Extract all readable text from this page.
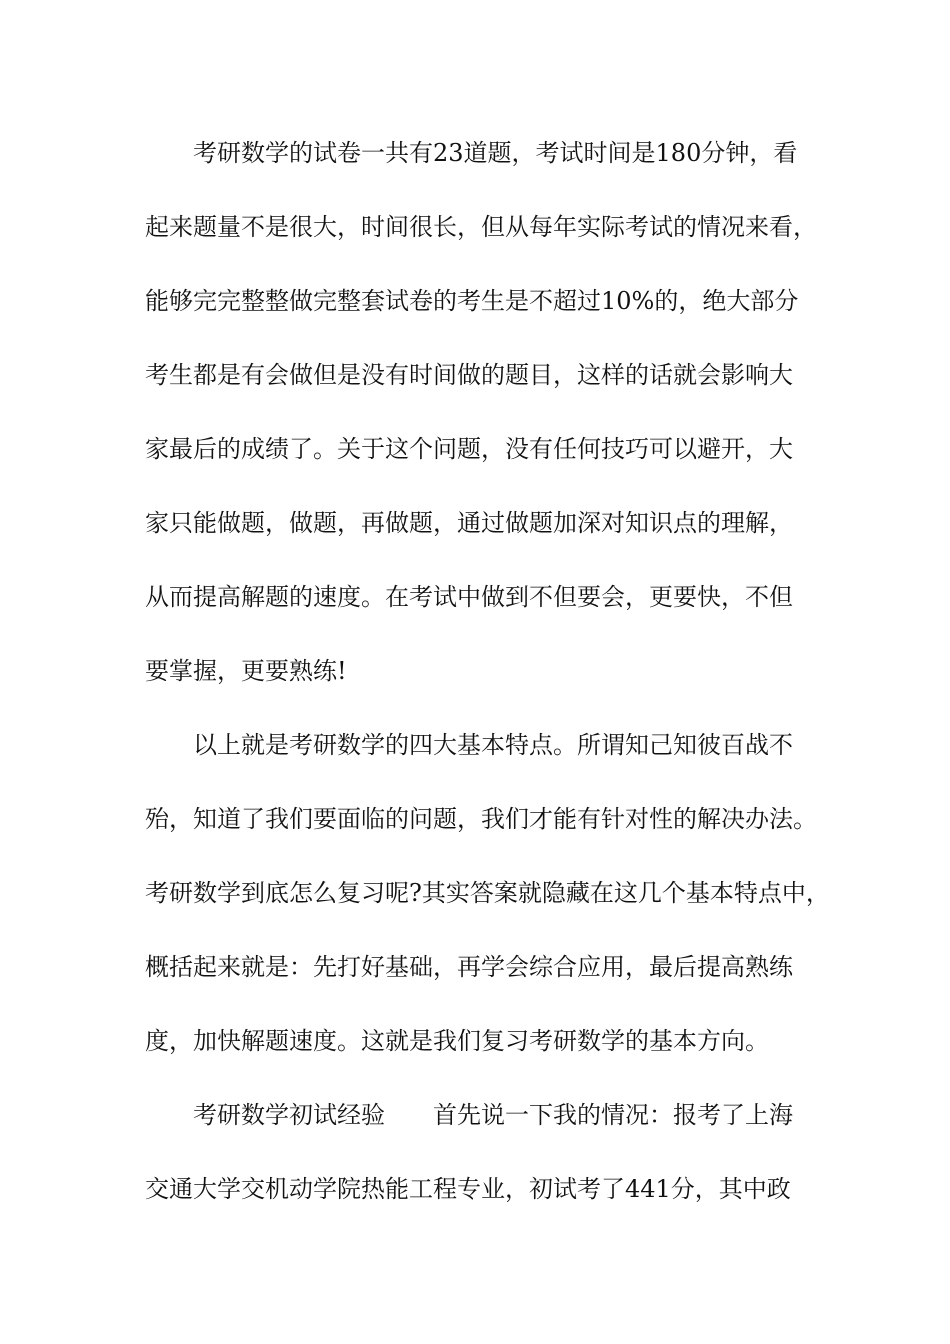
考研数学的试卷一共有23道题，考试时间是180分钟，看
起来题量不是很大，时间很长，但从每年实际考试的情况来看，
能够完完整整做完整套试卷的考生是不超过10%的，绝大部分
考生都是有会做但是没有时间做的题目，这样的话就会影响大
家最后的成绩了。关于这个问题，没有任何技巧可以避开，大
家只能做题，做题，再做题，通过做题加深对知识点的理解，
从而提高解题的速度。在考试中做到不但要会，更要快，不但
要掌握，更要熟练!
以上就是考研数学的四大基本特点。所谓知己知彼百战不
殆，知道了我们要面临的问题，我们才能有针对性的解决办法。
考研数学到底怎么复习呢?其实答案就隐藏在这几个基本特点中，
概括起来就是：先打好基础，再学会综合应用，最后提高熟练
度，加快解题速度。这就是我们复习考研数学的基本方向。
考研数学初试经验 首先说一下我的情况：报考了上海
交通大学交机动学院热能工程专业，初试考了441分，其中政
